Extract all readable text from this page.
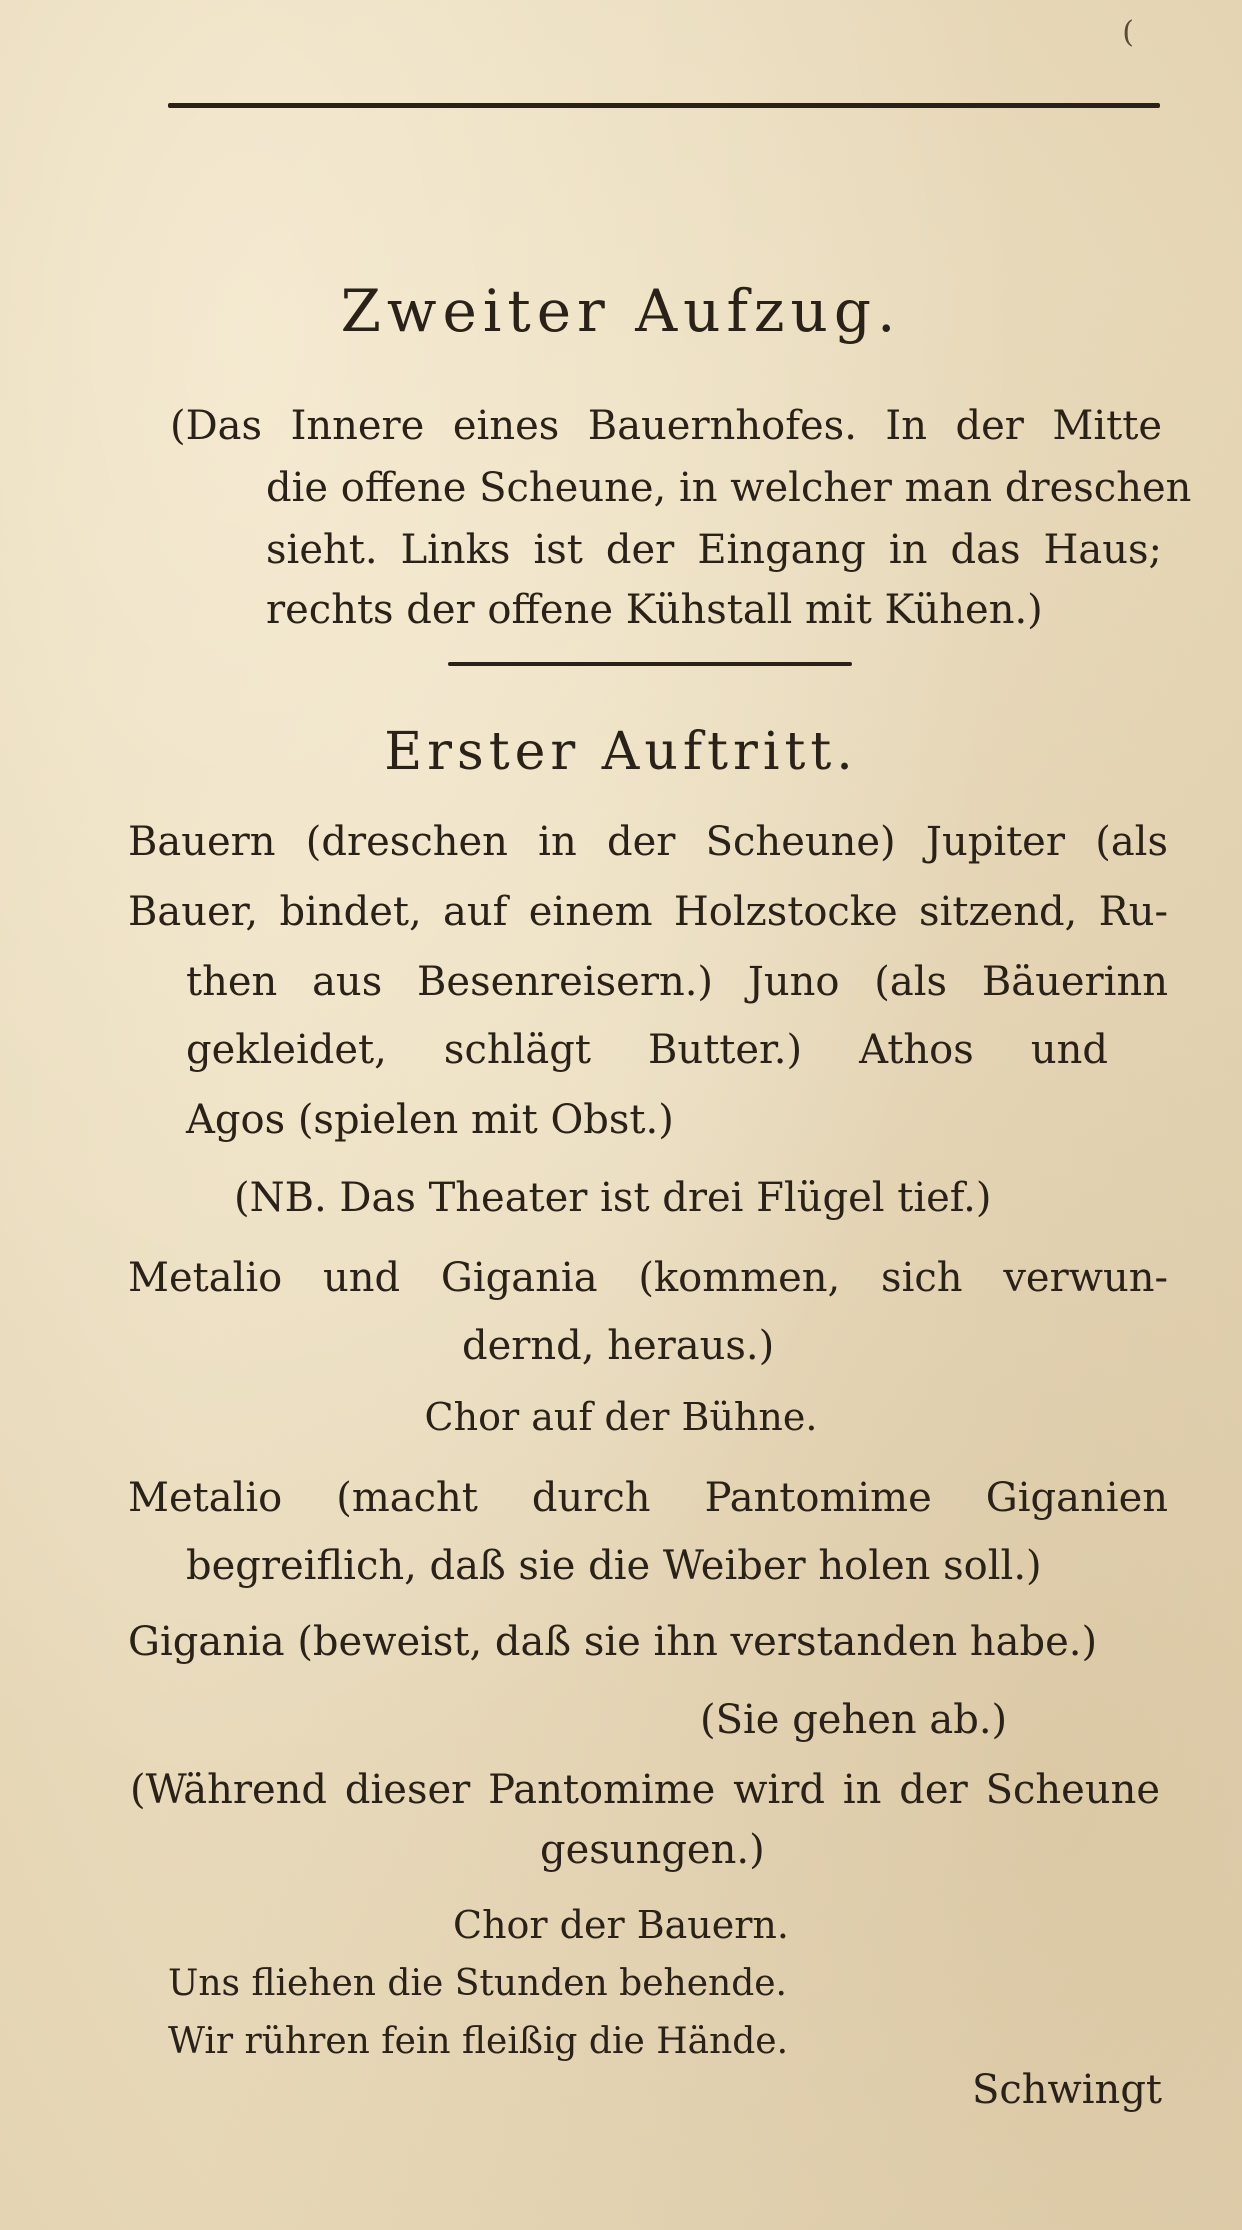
(
Zweiter Aufzug.
(Das Innere eines Bauernhofes. In der Mitte
die offene Scheune, in welcher man dreschen
sieht. Links ist der Eingang in das Haus;
rechts der offene Kühstall mit Kühen.)
Erster Auftritt.
Bauern (dreschen in der Scheune) Jupiter (als
Bauer, bindet, auf einem Holzstocke sitzend, Ru-
then aus Besenreisern.) Juno (als Bäuerinn
gekleidet, schlägt Butter.) Athos und
Agos (spielen mit Obst.)
(NB. Das Theater ist drei Flügel tief.)
Metalio und Gigania (kommen, sich verwun-
dernd, heraus.)
Chor auf der Bühne.
Metalio (macht durch Pantomime Giganien
begreiflich, daß sie die Weiber holen soll.)
Gigania (beweist, daß sie ihn verstanden habe.)
(Sie gehen ab.)
(Während dieser Pantomime wird in der Scheune
gesungen.)
Chor der Bauern.
Uns fliehen die Stunden behende.
Wir rühren fein fleißig die Hände.
Schwingt
